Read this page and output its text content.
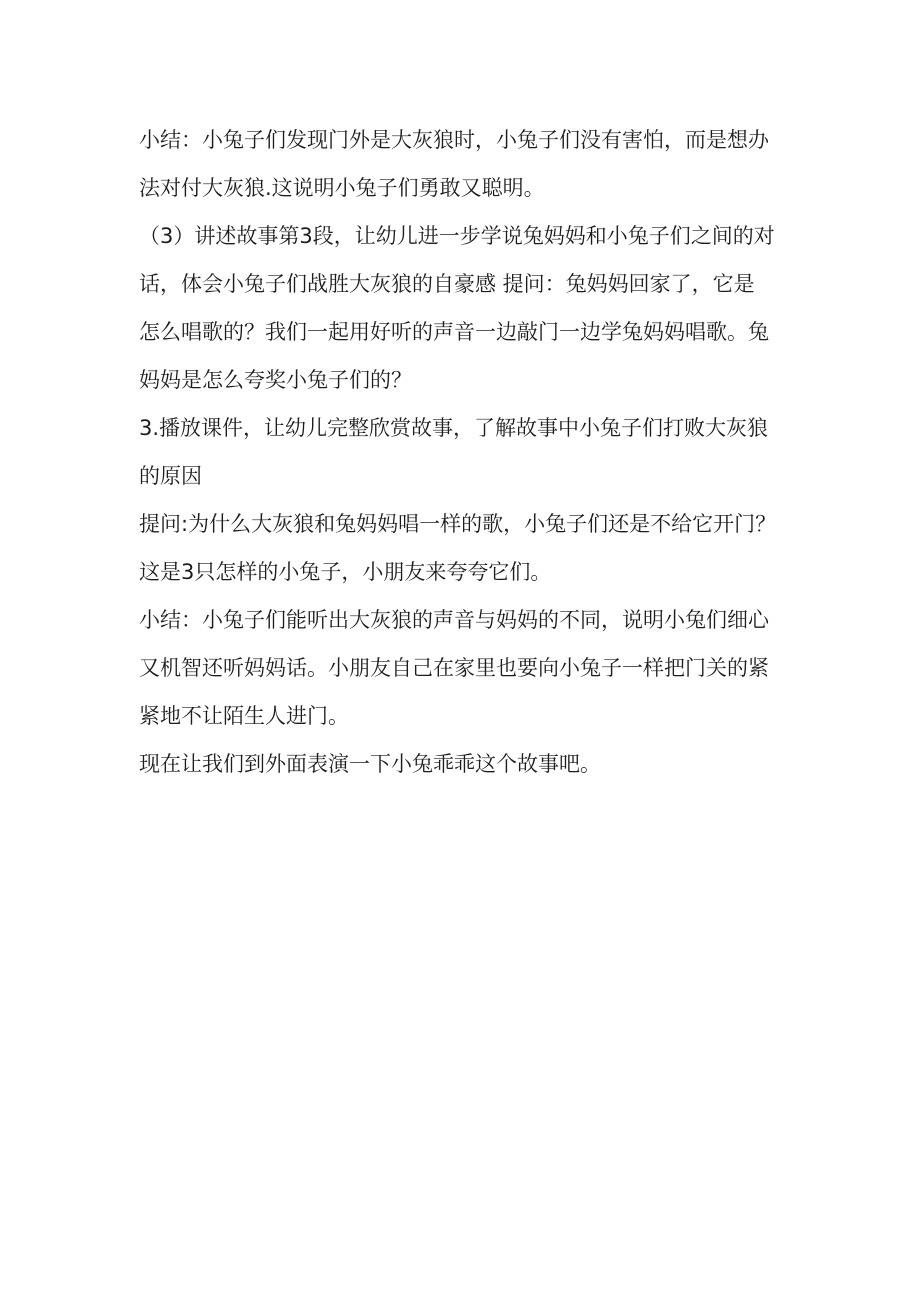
小结：小兔子们发现门外是大灰狼时，小兔子们没有害怕，而是想办
法对付大灰狼.这说明小兔子们勇敢又聪明。

（3）讲述故事第3段，让幼儿进一步学说兔妈妈和小兔子们之间的对
话，体会小兔子们战胜大灰狼的自豪感 提问：兔妈妈回家了，它是
怎么唱歌的？我们一起用好听的声音一边敲门一边学兔妈妈唱歌。兔
妈妈是怎么夸奖小兔子们的？

3.播放课件，让幼儿完整欣赏故事，了解故事中小兔子们打败大灰狼
的原因

提问:为什么大灰狼和兔妈妈唱一样的歌，小兔子们还是不给它开门？
这是3只怎样的小兔子，小朋友来夸夸它们。

小结：小兔子们能听出大灰狼的声音与妈妈的不同，说明小兔们细心
又机智还听妈妈话。小朋友自己在家里也要向小兔子一样把门关的紧
紧地不让陌生人进门。

现在让我们到外面表演一下小兔乖乖这个故事吧。
